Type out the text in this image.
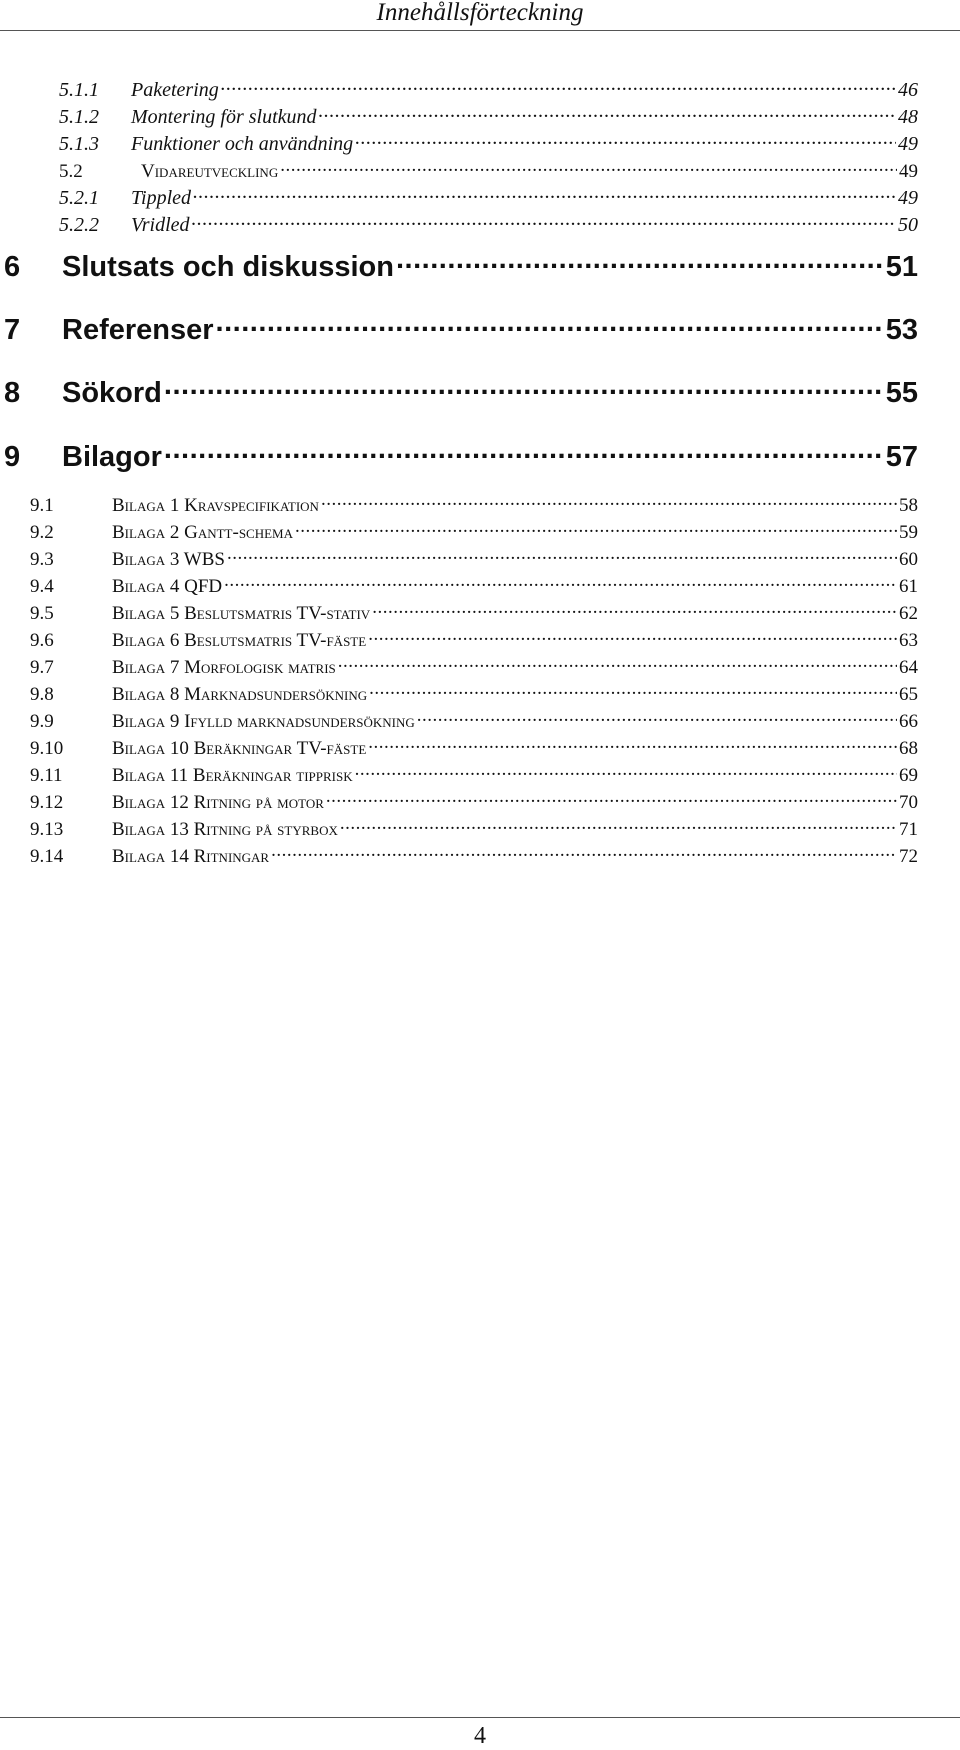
Innehållsförteckning
5.1.1	Paketering .....	46
5.1.2	Montering för slutkund .....	48
5.1.3	Funktioner och användning .....	49
5.2	Vidareutveckling .....	49
5.2.1	Tippled .....	49
5.2.2	Vridled .....	50
6	Slutsats och diskussion .....	51
7	Referenser .....	53
8	Sökord .....	55
9	Bilagor .....	57
9.1	Bilaga 1 Kravspecifikation .....	58
9.2	Bilaga 2 Gantt-schema .....	59
9.3	Bilaga 3 WBS .....	60
9.4	Bilaga 4 QFD .....	61
9.5	Bilaga 5 Beslutsmatris TV-stativ .....	62
9.6	Bilaga 6 Beslutsmatris TV-fäste .....	63
9.7	Bilaga 7 Morfologisk matris .....	64
9.8	Bilaga 8 Marknadsundersökning .....	65
9.9	Bilaga 9 Ifylld marknadsundersökning .....	66
9.10	Bilaga 10 Beräkningar TV-fäste .....	68
9.11	Bilaga 11 Beräkningar tipprisk .....	69
9.12	Bilaga 12 Ritning på motor .....	70
9.13	Bilaga 13 Ritning på styrbox .....	71
9.14	Bilaga 14 Ritningar .....	72
4
